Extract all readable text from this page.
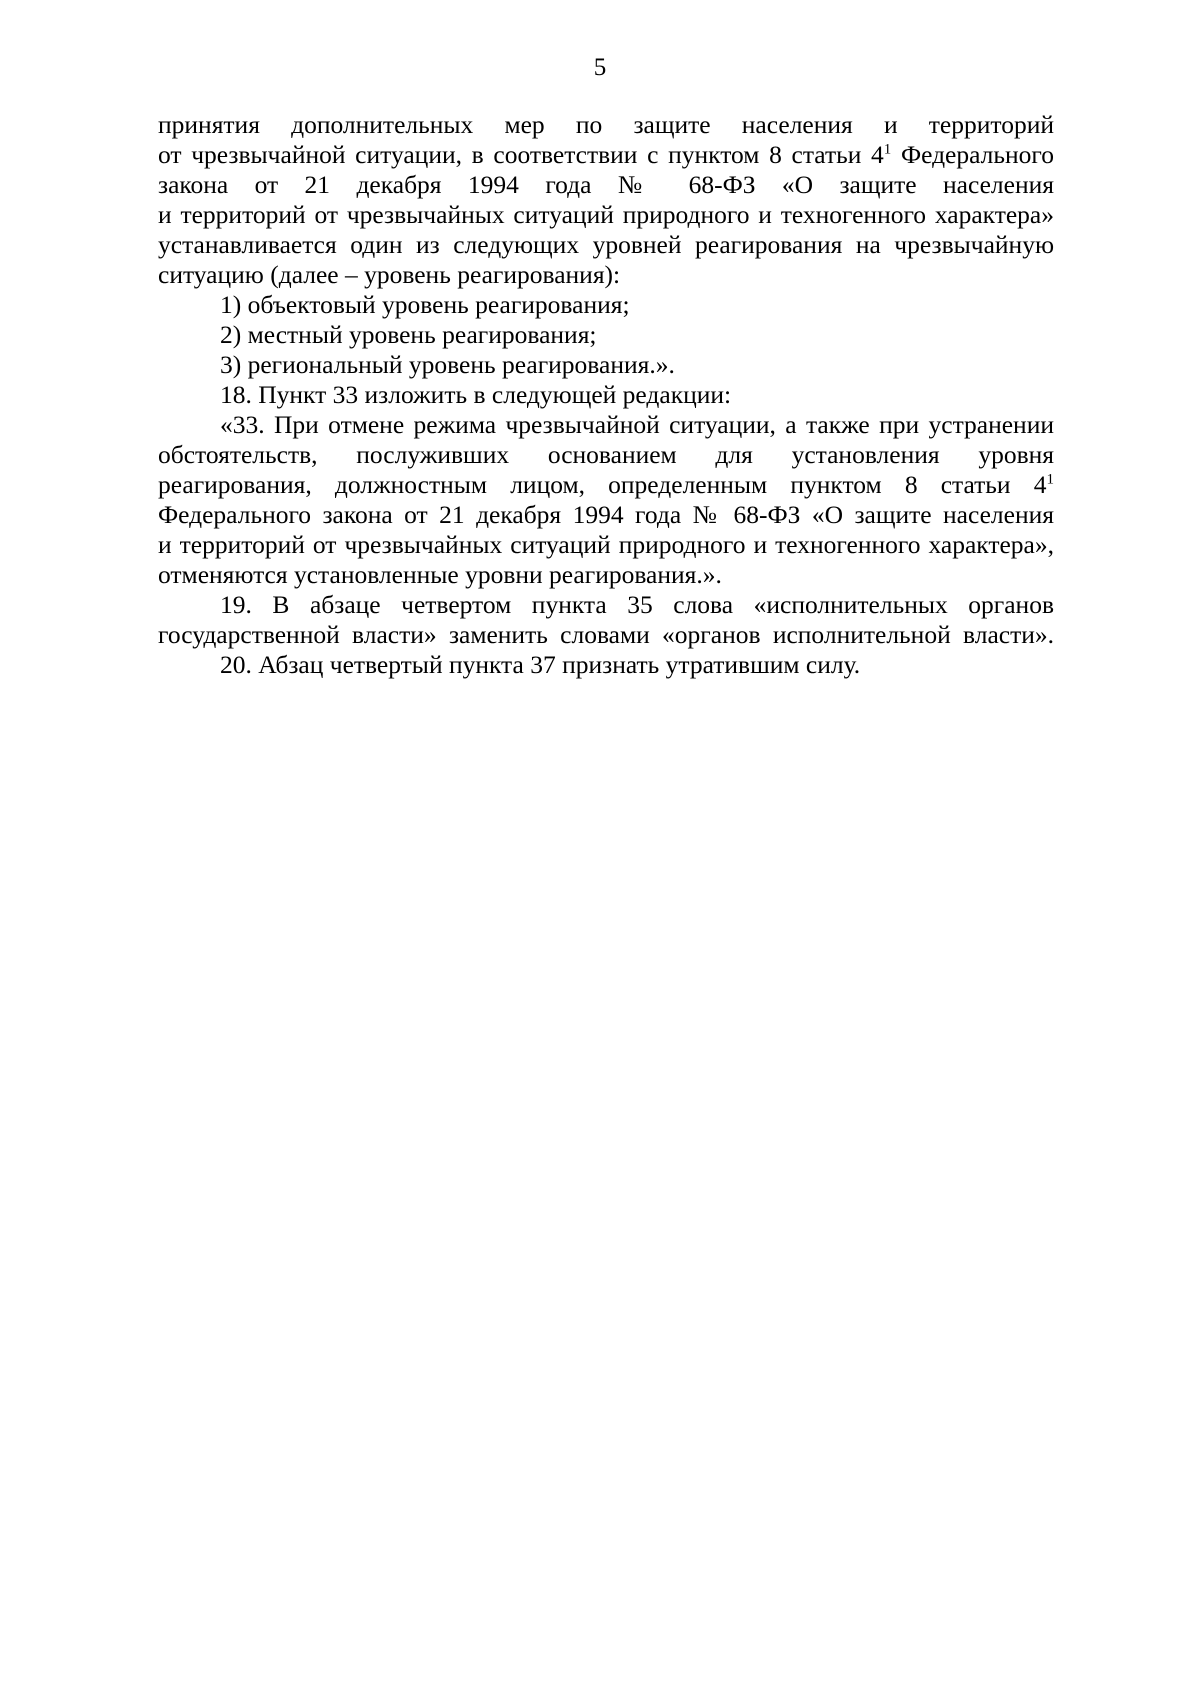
5
принятия дополнительных мер по защите населения и территорий
от чрезвычайной ситуации, в соответствии с пунктом 8 статьи $4^1$ Федерального
закона от 21 декабря 1994 года № 68-ФЗ «О защите населения
и территорий от чрезвычайных ситуаций природного и техногенного характера»
устанавливается один из следующих уровней реагирования на чрезвычайную
ситуацию (далее – уровень реагирования):
1) объектовый уровень реагирования;
2) местный уровень реагирования;
3) региональный уровень реагирования.».
18. Пункт 33 изложить в следующей редакции:
«33. При отмене режима чрезвычайной ситуации, а также при устранении
обстоятельств, послуживших основанием для установления уровня
реагирования, должностным лицом, определенным пунктом 8 статьи $4^1$
Федерального закона от 21 декабря 1994 года № 68-ФЗ «О защите населения
и территорий от чрезвычайных ситуаций природного и техногенного характера»,
отменяются установленные уровни реагирования.».
19. В абзаце четвертом пункта 35 слова «исполнительных органов
государственной власти» заменить словами «органов исполнительной власти».
20. Абзац четвертый пункта 37 признать утратившим силу.
